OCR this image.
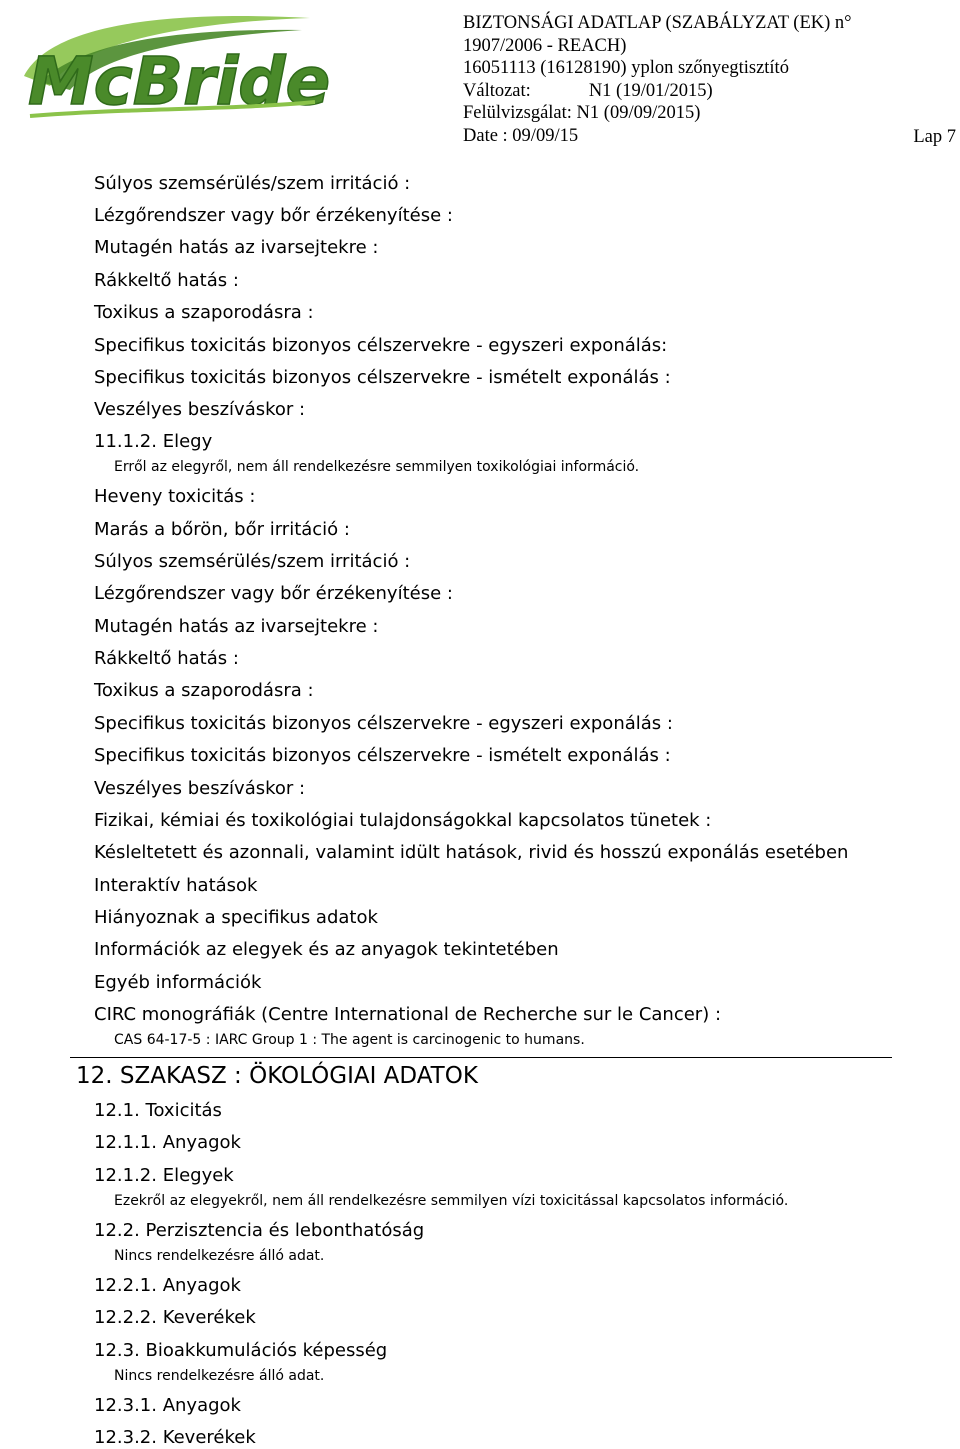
McBride
BIZTONSÁGI ADATLAP (SZABÁLYZAT (EK) n°
1907/2006 - REACH)
16051113 (16128190) yplon szőnyegtisztító
Változat:	N1 (19/01/2015)
Felülvizsgálat: N1 (09/09/2015)
Date : 09/09/15	Lap 7
Súlyos szemsérülés/szem irritáció :
Lézgőrendszer vagy bőr érzékenyítése :
Mutagén hatás az ivarsejtekre :
Rákkeltő hatás :
Toxikus a szaporodásra :
Specifikus toxicitás bizonyos célszervekre - egyszeri exponálás:
Specifikus toxicitás bizonyos célszervekre - ismételt exponálás :
Veszélyes beszíváskor :
11.1.2. Elegy
Erről az elegyről, nem áll rendelkezésre semmilyen toxikológiai információ.
Heveny toxicitás :
Marás a bőrön, bőr irritáció :
Súlyos szemsérülés/szem irritáció :
Lézgőrendszer vagy bőr érzékenyítése :
Mutagén hatás az ivarsejtekre :
Rákkeltő hatás :
Toxikus a szaporodásra :
Specifikus toxicitás bizonyos célszervekre - egyszeri exponálás :
Specifikus toxicitás bizonyos célszervekre - ismételt exponálás :
Veszélyes beszíváskor :
Fizikai, kémiai és toxikológiai tulajdonságokkal kapcsolatos tünetek :
Késleltetett és azonnali, valamint idült hatások, rivid és hosszú exponálás esetében
Interaktív hatások
Hiányoznak a specifikus adatok
Információk az elegyek és az anyagok tekintetében
Egyéb információk
CIRC monográfiák (Centre International de Recherche sur le Cancer) :
CAS 64-17-5 : IARC Group 1 : The agent is carcinogenic to humans.
12. SZAKASZ : ÖKOLÓGIAI ADATOK
12.1. Toxicitás
12.1.1. Anyagok
12.1.2. Elegyek
Ezekről az elegyekről, nem áll rendelkezésre semmilyen vízi toxicitással kapcsolatos információ.
12.2. Perzisztencia és lebonthatóság
Nincs rendelkezésre álló adat.
12.2.1. Anyagok
12.2.2. Keverékek
12.3. Bioakkumulációs képesség
Nincs rendelkezésre álló adat.
12.3.1. Anyagok
12.3.2. Keverékek
